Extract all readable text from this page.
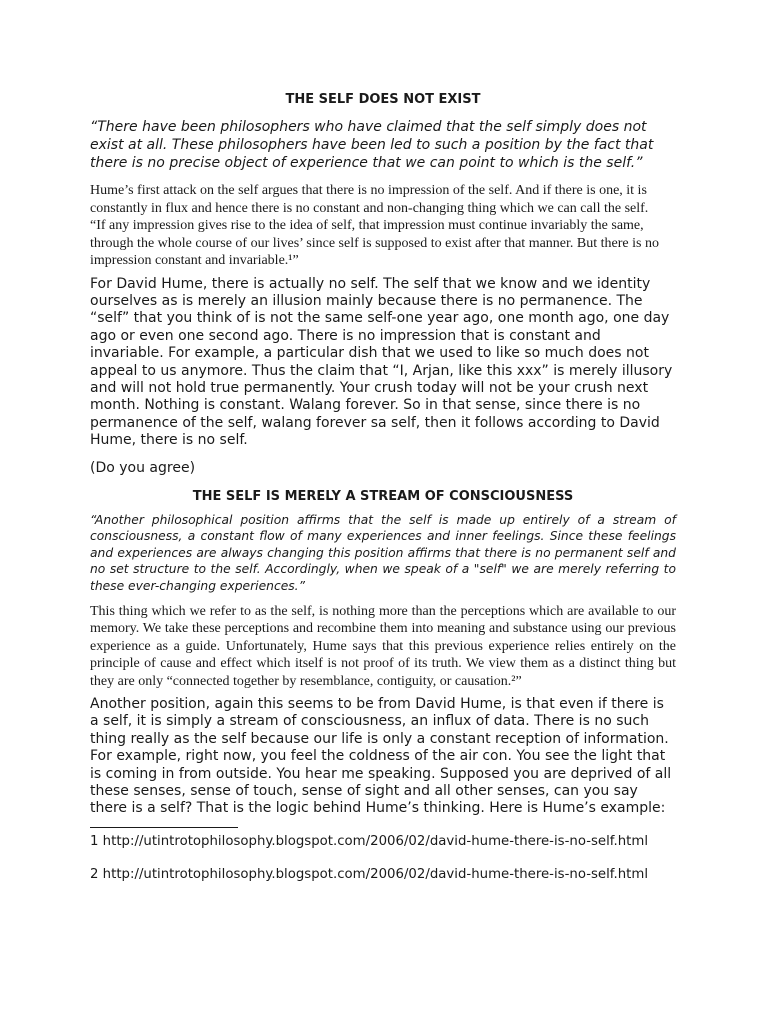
THE SELF DOES NOT EXIST

“There have been philosophers who have claimed that the self simply does not exist at all. These philosophers have been led to such a position by the fact that there is no precise object of experience that we can point to which is the self.”

Hume’s first attack on the self argues that there is no impression of the self. And if there is one, it is constantly in flux and hence there is no constant and non-changing thing which we can call the self.

“If any impression gives rise to the idea of self, that impression must continue invariably the same, through the whole course of our lives’ since self is supposed to exist after that manner. But there is no impression constant and invariable.¹”

For David Hume, there is actually no self. The self that we know and we identity ourselves as is merely an illusion mainly because there is no permanence. The “self” that you think of is not the same self-one year ago, one month ago, one day ago or even one second ago. There is no impression that is constant and invariable. For example, a particular dish that we used to like so much does not appeal to us anymore. Thus the claim that “I, Arjan, like this xxx” is merely illusory and will not hold true permanently. Your crush today will not be your crush next month. Nothing is constant. Walang forever. So in that sense, since there is no permanence of the self, walang forever sa self, then it follows according to David Hume, there is no self.

(Do you agree)

THE SELF IS MERELY A STREAM OF CONSCIOUSNESS

“Another philosophical position affirms that the self is made up entirely of a stream of consciousness, a constant flow of many experiences and inner feelings. Since these feelings and experiences are always changing this position affirms that there is no permanent self and no set structure to the self. Accordingly, when we speak of a "self" we are merely referring to these ever-changing experiences.”

This thing which we refer to as the self, is nothing more than the perceptions which are available to our memory. We take these perceptions and recombine them into meaning and substance using our previous experience as a guide. Unfortunately, Hume says that this previous experience relies entirely on the principle of cause and effect which itself is not proof of its truth. We view them as a distinct thing but they are only “connected together by resemblance, contiguity, or causation.²”

Another position, again this seems to be from David Hume, is that even if there is a self, it is simply a stream of consciousness, an influx of data. There is no such thing really as the self because our life is only a constant reception of information. For example, right now, you feel the coldness of the air con. You see the light that is coming in from outside. You hear me speaking. Supposed you are deprived of all these senses, sense of touch, sense of sight and all other senses, can you say there is a self? That is the logic behind Hume’s thinking. Here is Hume’s example:

1 http://utintrotophilosophy.blogspot.com/2006/02/david-hume-there-is-no-self.html

2 http://utintrotophilosophy.blogspot.com/2006/02/david-hume-there-is-no-self.html
